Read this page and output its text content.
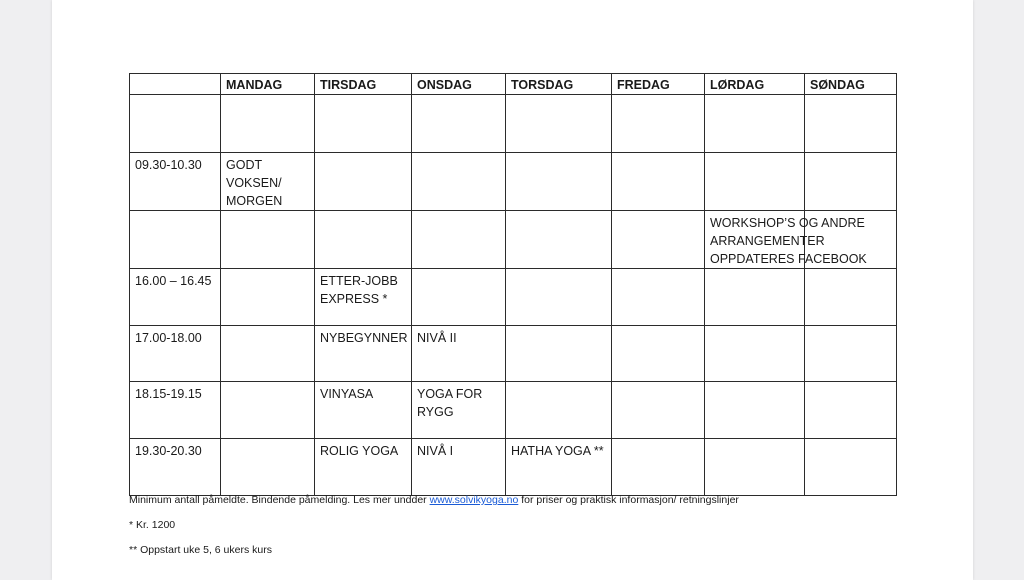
	MANDAG	TIRSDAG	ONSDAG	TORSDAG	FREDAG	LØRDAG	SØNDAG

09.30-10.30	GODT VOKSEN/ MORGEN						

						WORKSHOP’S OG ANDRE ARRANGEMENTER OPPDATERES FACEBOOK	

16.00 – 16.45		ETTER-JOBB EXPRESS *					
17.00-18.00		NYBEGYNNER	NIVÅ II				
18.15-19.15		VINYASA	YOGA FOR RYGG				
19.30-20.30		ROLIG YOGA	NIVÅ I	HATHA YOGA **			

Minimum antall påmeldte. Bindende påmelding. Les mer undder www.solvikyoga.no for priser og praktisk informasjon/ retningslinjer

* Kr. 1200

** Oppstart uke 5, 6 ukers kurs
